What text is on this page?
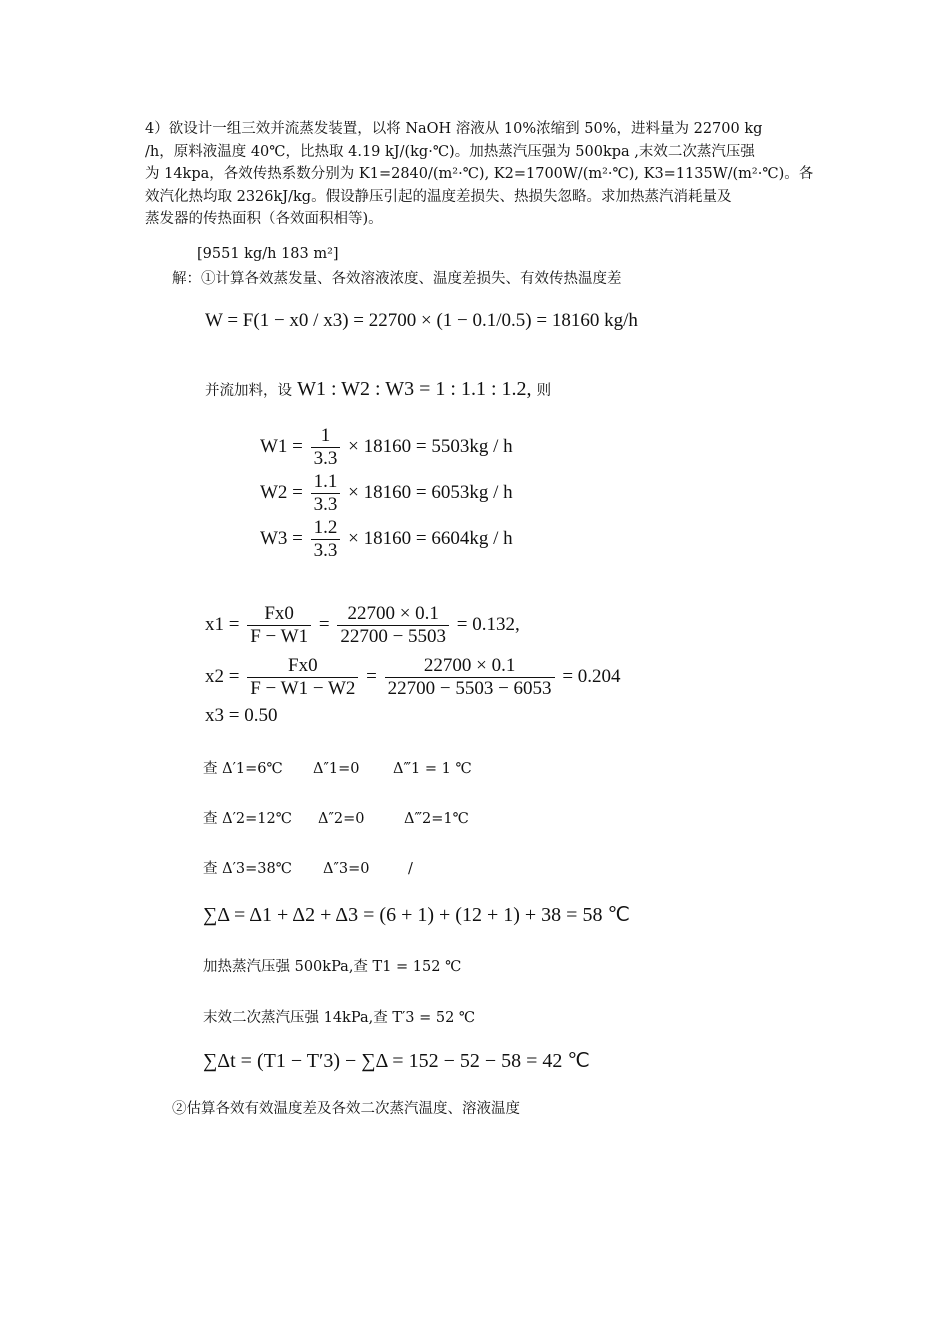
4）欲设计一组三效并流蒸发装置，以将 NaOH 溶液从 10%浓缩到 50%，进料量为 22700 kg
/h，原料液温度 40℃，比热取 4.19 kJ/(kg·℃)。加热蒸汽压强为 500kpa ,末效二次蒸汽压强
为 14kpa，各效传热系数分别为 K1=2840/(m²·℃), K2=1700W/(m²·℃), K3=1135W/(m²·℃)。各
效汽化热均取 2326kJ/kg。假设静压引起的温度差损失、热损失忽略。求加热蒸汽消耗量及
蒸发器的传热面积（各效面积相等)。
[9551 kg/h 183 m²]
解：①计算各效蒸发量、各效溶液浓度、温度差损失、有效传热温度差
W = F(1 − x0 / x3) = 22700 × (1 − 0.1/0.5) = 18160 kg/h
并流加料，设 W1 : W2 : W3 = 1 : 1.1 : 1.2, 则
$W1 = \frac{1}{3.3} \times 18160 = 5503kg / h$
$W2 = \frac{1.1}{3.3} \times 18160 = 6053kg / h$
$W3 = \frac{1.2}{3.3} \times 18160 = 6604kg / h$
$x1 = \frac{Fx0}{F - W1} = \frac{22700 \times 0.1}{22700 - 5503} = 0.132$,
$x2 = \frac{Fx0}{F - W1 - W2} = \frac{22700 \times 0.1}{22700 - 5503 - 6053} = 0.204$
x3 = 0.50
查 Δ′1=6℃ Δ″1=0 Δ‴1 = 1 ℃
查 Δ′2=12℃ Δ″2=0	Δ‴2=1℃
查 Δ′3=38℃ Δ″3=0	/
∑Δ = Δ1 + Δ2 + Δ3 = (6 + 1) + (12 + 1) + 38 = 58 ℃
加热蒸汽压强 500kPa,查 T1 = 152 ℃
末效二次蒸汽压强 14kPa,查 T′3 = 52 ℃
∑Δt = (T1 − T′3) − ∑Δ = 152 − 52 − 58 = 42 ℃
②估算各效有效温度差及各效二次蒸汽温度、溶液温度
